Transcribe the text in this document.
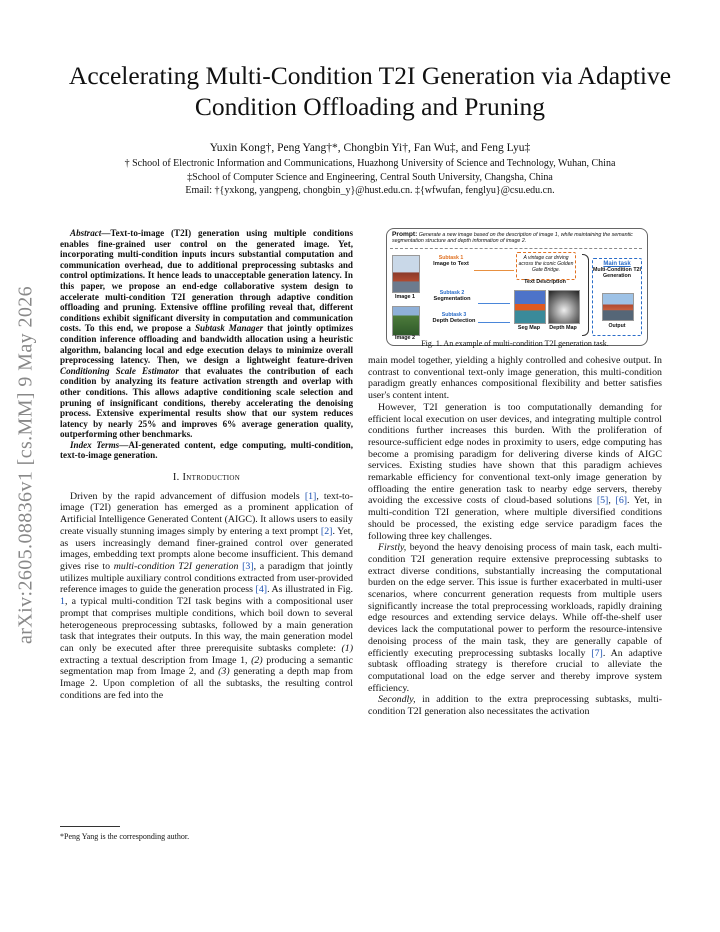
arXiv:2605.08836v1 [cs.MM] 9 May 2026
Accelerating Multi-Condition T2I Generation via Adaptive Condition Offloading and Pruning
Yuxin Kong†, Peng Yang†*, Chongbin Yi†, Fan Wu‡, and Feng Lyu‡
† School of Electronic Information and Communications, Huazhong University of Science and Technology, Wuhan, China
‡School of Computer Science and Engineering, Central South University, Changsha, China
Email: †{yxkong, yangpeng, chongbin_y}@hust.edu.cn. ‡{wfwufan, fenglyu}@csu.edu.cn.

Abstract—Text-to-image (T2I) generation using multiple conditions enables fine-grained user control on the generated image. Yet, incorporating multi-condition inputs incurs substantial computation and communication overhead, due to additional preprocessing subtasks and control optimizations. It hence leads to unacceptable generation latency. In this paper, we propose an end-edge collaborative system design to accelerate multi-condition T2I generation through adaptive condition offloading and pruning. Extensive offline profiling reveal that, different conditions exhibit significant diversity in computation and communication costs. To this end, we propose a Subtask Manager that jointly optimizes condition inference offloading and bandwidth allocation using a heuristic algorithm, balancing local and edge execution delays to minimize overall preprocessing latency. Then, we design a lightweight feature-driven Conditioning Scale Estimator that evaluates the contribution of each condition by analyzing its feature activation strength and overlap with other conditions. This allows adaptive conditioning scale selection and pruning of insignificant conditions, thereby accelerating the denoising process. Extensive experimental results show that our system reduces latency by nearly 25% and improves 6% average generation quality, outperforming other benchmarks.

Index Terms—AI-generated content, edge computing, multi-condition, text-to-image generation.

I. Introduction

Driven by the rapid advancement of diffusion models [1], text-to-image (T2I) generation has emerged as a prominent application of Artificial Intelligence Generated Content (AIGC). It allows users to easily create visually stunning images simply by entering a text prompt [2]. Yet, as users increasingly demand finer-grained control over generated images, embedding text prompts alone become insufficient. This demand gives rise to multi-condition T2I generation [3], a paradigm that jointly utilizes multiple auxiliary control conditions extracted from user-provided reference images to guide the generation process [4]. As illustrated in Fig. 1, a typical multi-condition T2I task begins with a compositional user prompt that comprises multiple conditions, which boil down to several heterogeneous preprocessing subtasks, followed by a main generation task that integrates their outputs. In this way, the main generation model can only be executed after three prerequisite subtasks complete: (1) extracting a textual description from Image 1, (2) producing a semantic segmentation map from Image 2, and (3) generating a depth map from Image 2. Upon completion of all the subtasks, the resulting control conditions are fed into the

*Peng Yang is the corresponding author.
Prompt: Generate a new image based on the description of image 1, while maintaining the semantic segmentation structure and depth information of image 2.
Image 1
Image 2
Subtask 1
Image to Text
A vintage car driving across the iconic Golden Gate Bridge.
Text Description
Subtask 2
Segmentation
Subtask 3
Depth Detection
Seg Map	Depth Map
Main task
Multi-Condition T2I Generation
Output
Fig. 1. An example of multi-condition T2I generation task.

main model together, yielding a highly controlled and cohesive output. In contrast to conventional text-only image generation, this multi-condition paradigm greatly enhances compositional flexibility and better satisfies user's content intent.

However, T2I generation is too computationally demanding for efficient local execution on user devices, and integrating multiple control conditions further increases this burden. With the proliferation of resource-sufficient edge nodes in proximity to users, edge computing has become a promising paradigm for delivering diverse kinds of AIGC services. Existing studies have shown that this paradigm achieves remarkable efficiency for conventional text-only image generation by offloading the entire generation task to nearby edge servers, thereby avoiding the excessive costs of cloud-based solutions [5], [6]. Yet, in multi-condition T2I generation, where multiple diversified conditions should be processed, the existing edge service paradigm faces the following three key challenges.

Firstly, beyond the heavy denoising process of main task, each multi-condition T2I generation require extensive preprocessing subtasks to extract diverse conditions, substantially increasing the computational burden on the edge server. This issue is further exacerbated in multi-user scenarios, where concurrent generation requests from multiple users significantly increase the total preprocessing workloads, rapidly draining edge resources and extending service delays. While off-the-shelf user devices lack the computational power to perform the resource-intensive denoising process of the main task, they are generally capable of efficiently executing preprocessing subtasks locally [7]. An adaptive subtask offloading strategy is therefore crucial to alleviate the computational load on the edge server and thereby improve system efficiency.

Secondly, in addition to the extra preprocessing subtasks, multi-condition T2I generation also necessitates the activation
